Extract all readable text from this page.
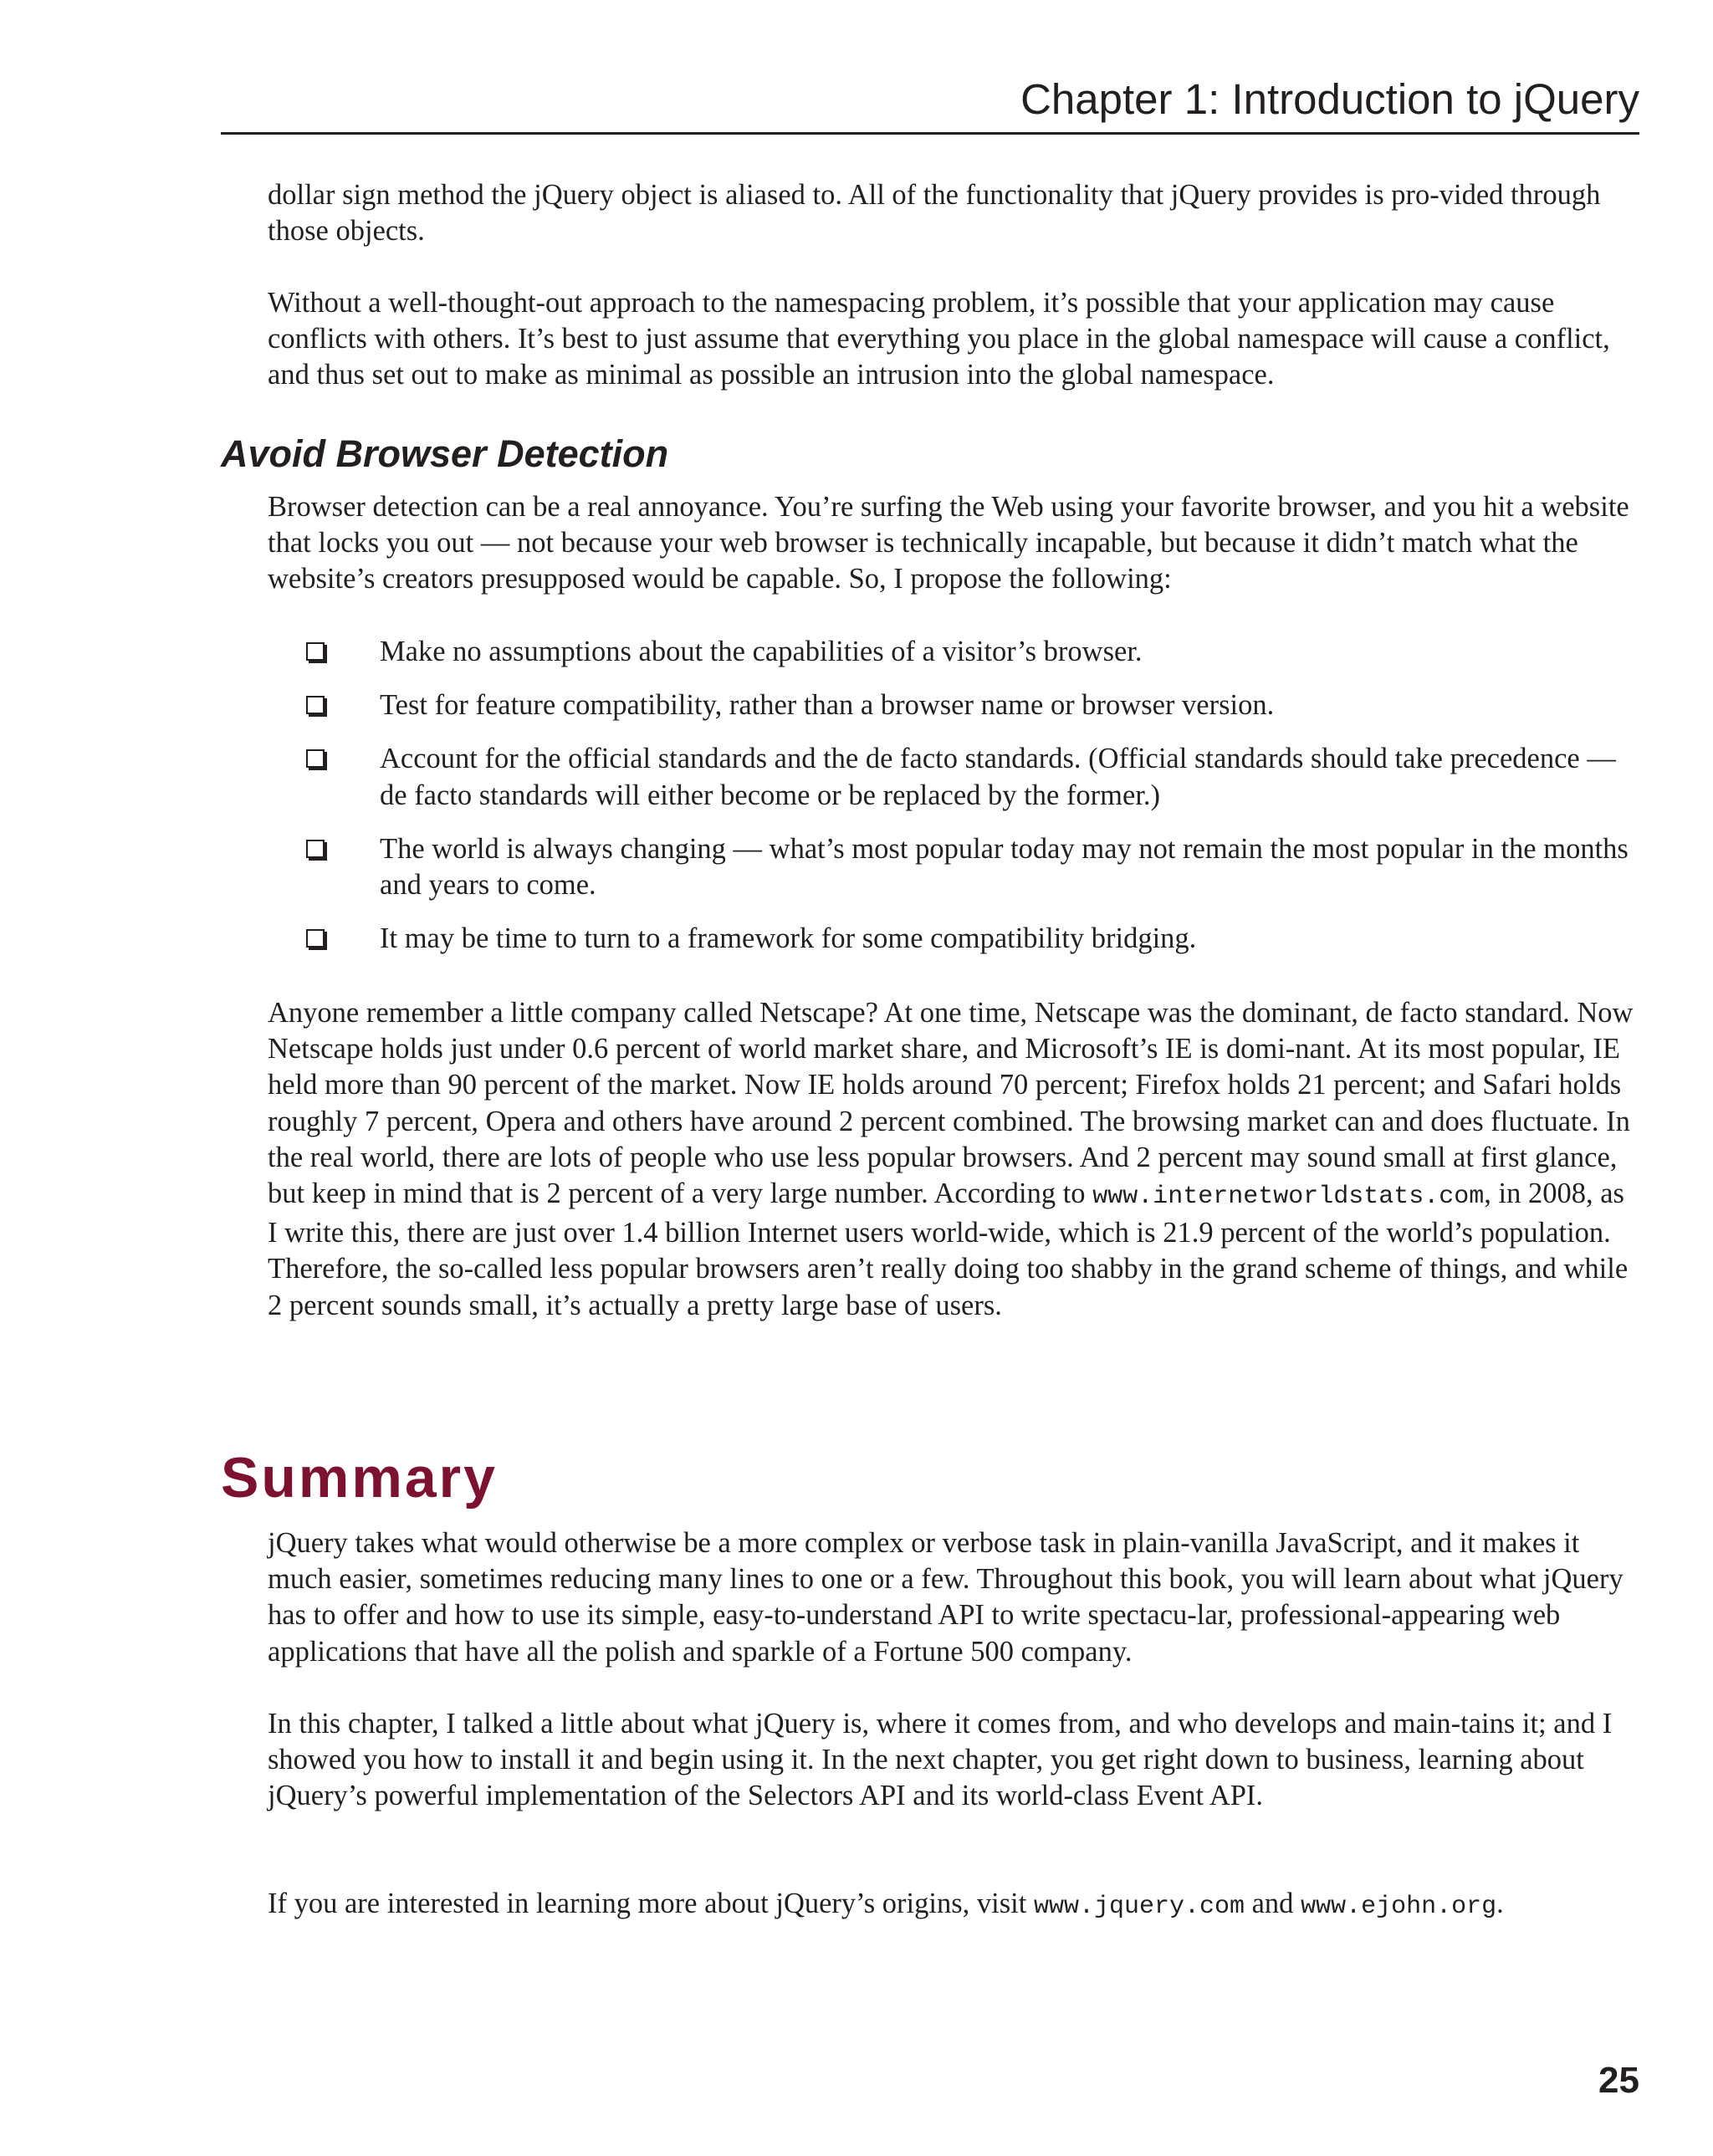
Chapter 1: Introduction to jQuery

dollar sign method the jQuery object is aliased to. All of the functionality that jQuery provides is pro-vided through those objects.

Without a well-thought-out approach to the namespacing problem, it’s possible that your application may cause conflicts with others. It’s best to just assume that everything you place in the global namespace will cause a conflict, and thus set out to make as minimal as possible an intrusion into the global namespace.

Avoid Browser Detection

Browser detection can be a real annoyance. You’re surfing the Web using your favorite browser, and you hit a website that locks you out — not because your web browser is technically incapable, but because it didn’t match what the website’s creators presupposed would be capable. So, I propose the following:

Make no assumptions about the capabilities of a visitor’s browser.
Test for feature compatibility, rather than a browser name or browser version.
Account for the official standards and the de facto standards. (Official standards should take precedence — de facto standards will either become or be replaced by the former.)
The world is always changing — what’s most popular today may not remain the most popular in the months and years to come.
It may be time to turn to a framework for some compatibility bridging.

Anyone remember a little company called Netscape? At one time, Netscape was the dominant, de facto standard. Now Netscape holds just under 0.6 percent of world market share, and Microsoft’s IE is domi-nant. At its most popular, IE held more than 90 percent of the market. Now IE holds around 70 percent; Firefox holds 21 percent; and Safari holds roughly 7 percent, Opera and others have around 2 percent combined. The browsing market can and does fluctuate. In the real world, there are lots of people who use less popular browsers. And 2 percent may sound small at first glance, but keep in mind that is 2 percent of a very large number. According to www.internetworldstats.com, in 2008, as I write this, there are just over 1.4 billion Internet users world-wide, which is 21.9 percent of the world’s population. Therefore, the so-called less popular browsers aren’t really doing too shabby in the grand scheme of things, and while 2 percent sounds small, it’s actually a pretty large base of users.

Summary

jQuery takes what would otherwise be a more complex or verbose task in plain-vanilla JavaScript, and it makes it much easier, sometimes reducing many lines to one or a few. Throughout this book, you will learn about what jQuery has to offer and how to use its simple, easy-to-understand API to write spectacu-lar, professional-appearing web applications that have all the polish and sparkle of a Fortune 500 company.

In this chapter, I talked a little about what jQuery is, where it comes from, and who develops and main-tains it; and I showed you how to install it and begin using it. In the next chapter, you get right down to business, learning about jQuery’s powerful implementation of the Selectors API and its world-class Event API.

If you are interested in learning more about jQuery’s origins, visit www.jquery.com and www.ejohn.org.

25
